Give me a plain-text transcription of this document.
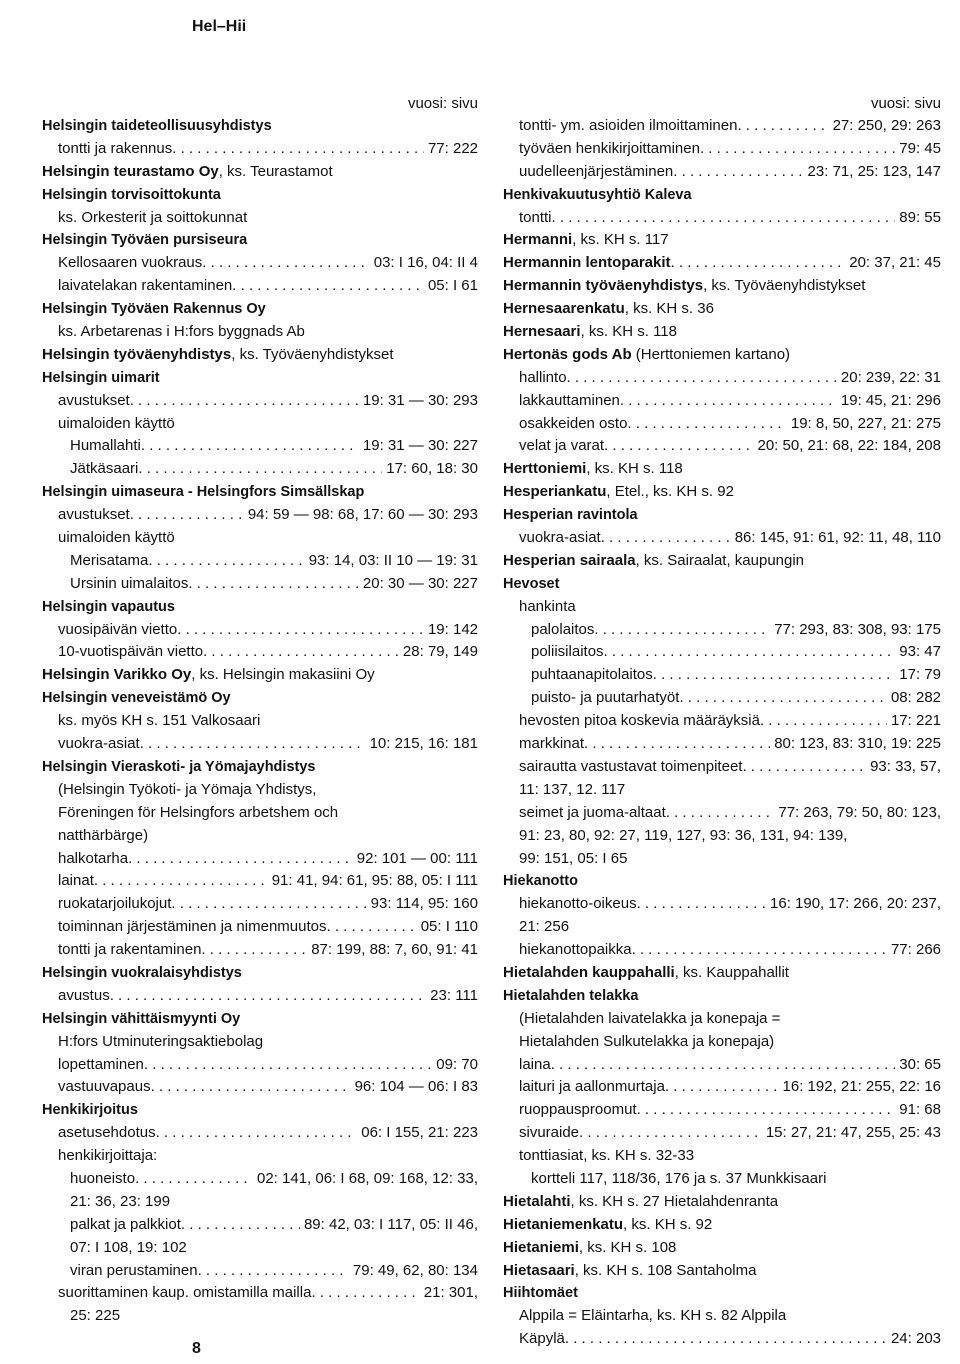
Hel–Hii
vuosi: sivu
Helsingin taideteollisuusyhdistys
tontti ja rakennus . . .	77: 222
Helsingin teurastamo Oy, ks. Teurastamot
Helsingin torvisoittokunta
ks. Orkesterit ja soittokunnat
Helsingin Työväen pursiseura
Kellosaaren vuokraus . . .	03: I 16, 04: II 4
laivatelakan rakentaminen . . .	05: I 61
Helsingin Työväen Rakennus Oy
ks. Arbetarenas i H:fors byggnads Ab
Helsingin työväenyhdistys, ks. Työväenyhdistykset
Helsingin uimarit
avustukset . . .	19: 31 — 30: 293
uimaloiden käyttö
Humallahti . . .	19: 31 — 30: 227
Jätkäsaari . . .	17: 60, 18: 30
Helsingin uimaseura - Helsingfors Simsällskap
avustukset . . .	94: 59 — 98: 68, 17: 60 — 30: 293
uimaloiden käyttö
Merisatama . . .	93: 14, 03: II 10 — 19: 31
Ursinin uimalaitos . . .	20: 30 — 30: 227
Helsingin vapautus
vuosipäivän vietto . . .	19: 142
10-vuotispäivän vietto . . .	28: 79, 149
Helsingin Varikko Oy, ks. Helsingin makasiini Oy
Helsingin veneveistämö Oy
ks. myös KH s. 151 Valkosaari
vuokra-asiat . . .	10: 215, 16: 181
Helsingin Vieraskoti- ja Yömajayhdistys
(Helsingin Työkoti- ja Yömaja Yhdistys,
Föreningen för Helsingfors arbetshem och
natthärbärge)
halkotarha . . .	92: 101 — 00: 111
lainat . . .	91: 41, 94: 61, 95: 88, 05: I 111
ruokatarjoilukojut . . .	93: 114, 95: 160
toiminnan järjestäminen ja nimenmuutos . . .	05: I 110
tontti ja rakentaminen . . .	87: 199, 88: 7, 60, 91: 41
Helsingin vuokralaisyhdistys
avustus . . .	23: 111
Helsingin vähittäismyynti Oy
H:fors Utminuteringsaktiebolag
lopettaminen . . .	09: 70
vastuuvapaus . . .	96: 104 — 06: I 83
Henkikirjoitus
asetusehdotus . . .	06: I 155, 21: 223
henkikirjoittaja:
huoneisto . . .	02: 141, 06: I 68, 09: 168, 12: 33,
21: 36, 23: 199
palkat ja palkkiot . . .	89: 42, 03: I 117, 05: II 46,
07: I 108, 19: 102
viran perustaminen . . .	79: 49, 62, 80: 134
suorittaminen kaup. omistamilla mailla . . .	21: 301,
25: 225
vuosi: sivu
tontti- ym. asioiden ilmoittaminen . . .	27: 250, 29: 263
työväen henkikirjoittaminen . . .	79: 45
uudelleenjärjestäminen . . .	23: 71, 25: 123, 147
Henkivakuutusyhtiö Kaleva
tontti . . .	89: 55
Hermanni, ks. KH s. 117
Hermannin lentoparakit . . .	20: 37, 21: 45
Hermannin työväenyhdistys, ks. Työväenyhdistykset
Hernesaarenkatu, ks. KH s. 36
Hernesaari, ks. KH s. 118
Hertonäs gods Ab (Herttoniemen kartano)
hallinto . . .	20: 239, 22: 31
lakkauttaminen . . .	19: 45, 21: 296
osakkeiden osto . . .	19: 8, 50, 227, 21: 275
velat ja varat . . .	20: 50, 21: 68, 22: 184, 208
Herttoniemi, ks. KH s. 118
Hesperiankatu, Etel., ks. KH s. 92
Hesperian ravintola
vuokra-asiat . . .	86: 145, 91: 61, 92: 11, 48, 110
Hesperian sairaala, ks. Sairaalat, kaupungin
Hevoset
hankinta
palolaitos . . .	77: 293, 83: 308, 93: 175
poliisilaitos . . .	93: 47
puhtaanapitolaitos . . .	17: 79
puisto- ja puutarhatyöt . . .	08: 282
hevosten pitoa koskevia määräyksiä . . .	17: 221
markkinat . . .	80: 123, 83: 310, 19: 225
sairautta vastustavat toimenpiteet . . .	93: 33, 57,
11: 137, 12. 117
seimet ja juoma-altaat . . .	77: 263, 79: 50, 80: 123,
91: 23, 80, 92: 27, 119, 127, 93: 36, 131, 94: 139,
99: 151, 05: I 65
Hiekanotto
hiekanotto-oikeus . . .	16: 190, 17: 266, 20: 237,
21: 256
hiekanottopaikka . . .	77: 266
Hietalahden kauppahalli, ks. Kauppahallit
Hietalahden telakka
(Hietalahden laivatelakka ja konepaja =
Hietalahden Sulkutelakka ja konepaja)
laina . . .	30: 65
laituri ja aallonmurtaja . . .	16: 192, 21: 255, 22: 16
ruoppausproomut . . .	91: 68
sivuraide . . .	15: 27, 21: 47, 255, 25: 43
tonttiasiat, ks. KH s. 32-33
kortteli 117, 118/36, 176 ja s. 37 Munkkisaari
Hietalahti, ks. KH s. 27 Hietalahdenranta
Hietaniemenkatu, ks. KH s. 92
Hietaniemi, ks. KH s. 108
Hietasaari, ks. KH s. 108 Santaholma
Hiihtomäet
Alppila = Eläintarha, ks. KH s. 82 Alppila
Käpylä . . .	24: 203
8
